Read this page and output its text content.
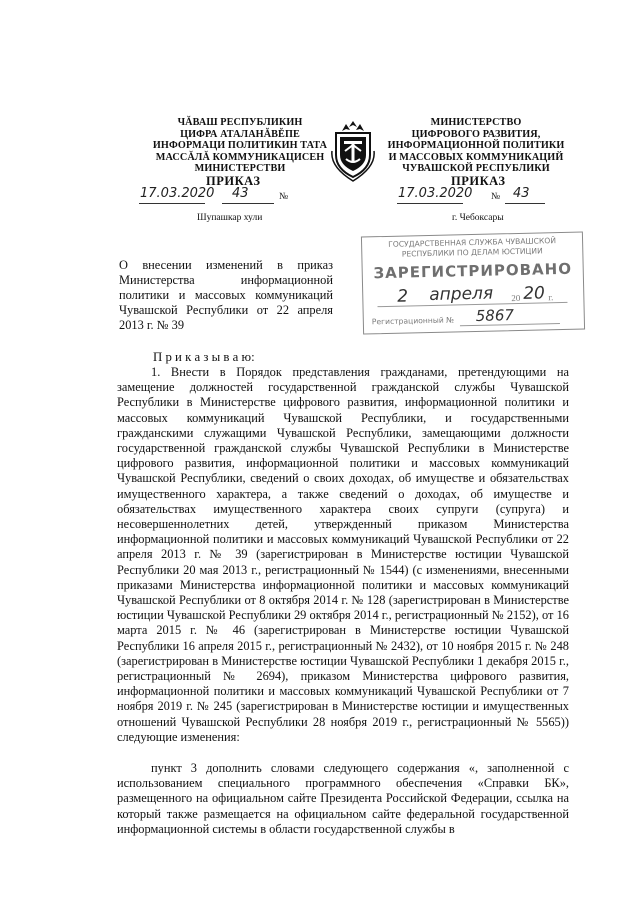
ЧĂВАШ РЕСПУБЛИКИН
ЦИФРА АТАЛАНĂВĔПЕ
ИНФОРМАЦИ ПОЛИТИКИН ТАТА
МАССĂЛĂ КОММУНИКАЦИСЕН
МИНИСТЕРСТВИ
ПРИКАЗ
17.03.2020 43	№
Шупашкар хули
МИНИСТЕРСТВО
ЦИФРОВОГО РАЗВИТИЯ,
ИНФОРМАЦИОННОЙ ПОЛИТИКИ
И МАССОВЫХ КОММУНИКАЦИЙ
ЧУВАШСКОЙ РЕСПУБЛИКИ
ПРИКАЗ
17.03.2020 № 43
г. Чебоксары
О внесении изменений в приказ Министерства информационной политики и массовых коммуникаций Чувашской Республики от 22 апреля 2013 г. № 39
ГОСУДАРСТВЕННАЯ СЛУЖБА ЧУВАШСКОЙ
РЕСПУБЛИКИ ПО ДЕЛАМ ЮСТИЦИИ
ЗАРЕГИСТРИРОВАНО
2 апреля 20 20 г.
Регистрационный № 5867
П р и к а з ы в а ю:
1. Внести в Порядок представления гражданами, претендующими на замещение должностей государственной гражданской службы Чувашской Республики в Министерстве цифрового развития, информационной политики и массовых коммуникаций Чувашской Республики, и государственными гражданскими служащими Чувашской Республики, замещающими должности государственной гражданской службы Чувашской Республики в Министерстве цифрового развития, информационной политики и массовых коммуникаций Чувашской Республики, сведений о своих доходах, об имуществе и обязательствах имущественного характера, а также сведений о доходах, об имуществе и обязательствах имущественного характера своих супруги (супруга) и несовершеннолетних детей, утвержденный приказом Министерства информационной политики и массовых коммуникаций Чувашской Республики от 22 апреля 2013 г. № 39 (зарегистрирован в Министерстве юстиции Чувашской Республики 20 мая 2013 г., регистрационный № 1544) (с изменениями, внесенными приказами Министерства информационной политики и массовых коммуникаций Чувашской Республики от 8 октября 2014 г. № 128 (зарегистрирован в Министерстве юстиции Чувашской Республики 29 октября 2014 г., регистрационный № 2152), от 16 марта 2015 г. № 46 (зарегистрирован в Министерстве юстиции Чувашской Республики 16 апреля 2015 г., регистрационный № 2432), от 10 ноября 2015 г. № 248 (зарегистрирован в Министерстве юстиции Чувашской Республики 1 декабря 2015 г., регистрационный № 2694), приказом Министерства цифрового развития, информационной политики и массовых коммуникаций Чувашской Республики от 7 ноября 2019 г. № 245 (зарегистрирован в Министерстве юстиции и имущественных отношений Чувашской Республики 28 ноября 2019 г., регистрационный № 5565)) следующие изменения:
пункт 3 дополнить словами следующего содержания «, заполненной с использованием специального программного обеспечения «Справки БК», размещенного на официальном сайте Президента Российской Федерации, ссылка на который также размещается на официальном сайте федеральной государственной информационной системы в области государственной службы в
